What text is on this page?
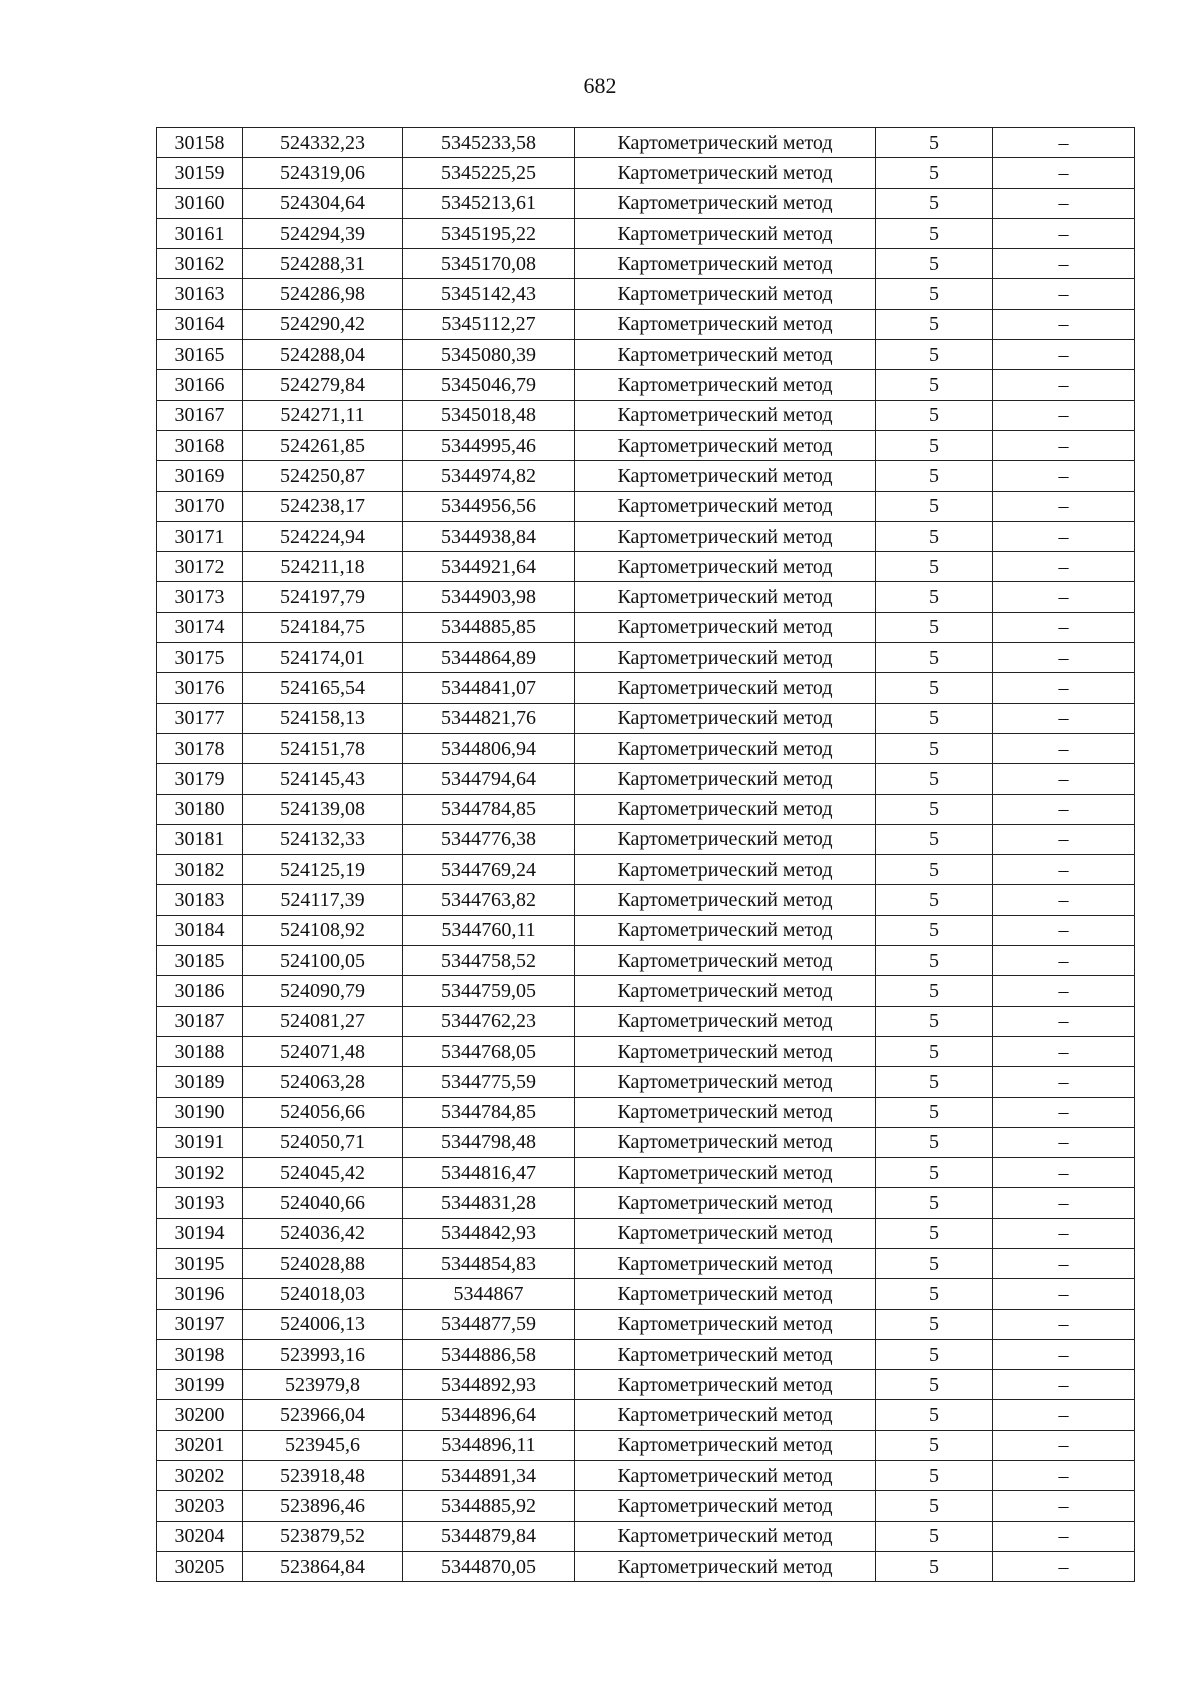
682
30158	524332,23	5345233,58	Картометрический метод	5	–
30159	524319,06	5345225,25	Картометрический метод	5	–
30160	524304,64	5345213,61	Картометрический метод	5	–
30161	524294,39	5345195,22	Картометрический метод	5	–
30162	524288,31	5345170,08	Картометрический метод	5	–
30163	524286,98	5345142,43	Картометрический метод	5	–
30164	524290,42	5345112,27	Картометрический метод	5	–
30165	524288,04	5345080,39	Картометрический метод	5	–
30166	524279,84	5345046,79	Картометрический метод	5	–
30167	524271,11	5345018,48	Картометрический метод	5	–
30168	524261,85	5344995,46	Картометрический метод	5	–
30169	524250,87	5344974,82	Картометрический метод	5	–
30170	524238,17	5344956,56	Картометрический метод	5	–
30171	524224,94	5344938,84	Картометрический метод	5	–
30172	524211,18	5344921,64	Картометрический метод	5	–
30173	524197,79	5344903,98	Картометрический метод	5	–
30174	524184,75	5344885,85	Картометрический метод	5	–
30175	524174,01	5344864,89	Картометрический метод	5	–
30176	524165,54	5344841,07	Картометрический метод	5	–
30177	524158,13	5344821,76	Картометрический метод	5	–
30178	524151,78	5344806,94	Картометрический метод	5	–
30179	524145,43	5344794,64	Картометрический метод	5	–
30180	524139,08	5344784,85	Картометрический метод	5	–
30181	524132,33	5344776,38	Картометрический метод	5	–
30182	524125,19	5344769,24	Картометрический метод	5	–
30183	524117,39	5344763,82	Картометрический метод	5	–
30184	524108,92	5344760,11	Картометрический метод	5	–
30185	524100,05	5344758,52	Картометрический метод	5	–
30186	524090,79	5344759,05	Картометрический метод	5	–
30187	524081,27	5344762,23	Картометрический метод	5	–
30188	524071,48	5344768,05	Картометрический метод	5	–
30189	524063,28	5344775,59	Картометрический метод	5	–
30190	524056,66	5344784,85	Картометрический метод	5	–
30191	524050,71	5344798,48	Картометрический метод	5	–
30192	524045,42	5344816,47	Картометрический метод	5	–
30193	524040,66	5344831,28	Картометрический метод	5	–
30194	524036,42	5344842,93	Картометрический метод	5	–
30195	524028,88	5344854,83	Картометрический метод	5	–
30196	524018,03	5344867	Картометрический метод	5	–
30197	524006,13	5344877,59	Картометрический метод	5	–
30198	523993,16	5344886,58	Картометрический метод	5	–
30199	523979,8	5344892,93	Картометрический метод	5	–
30200	523966,04	5344896,64	Картометрический метод	5	–
30201	523945,6	5344896,11	Картометрический метод	5	–
30202	523918,48	5344891,34	Картометрический метод	5	–
30203	523896,46	5344885,92	Картометрический метод	5	–
30204	523879,52	5344879,84	Картометрический метод	5	–
30205	523864,84	5344870,05	Картометрический метод	5	–
